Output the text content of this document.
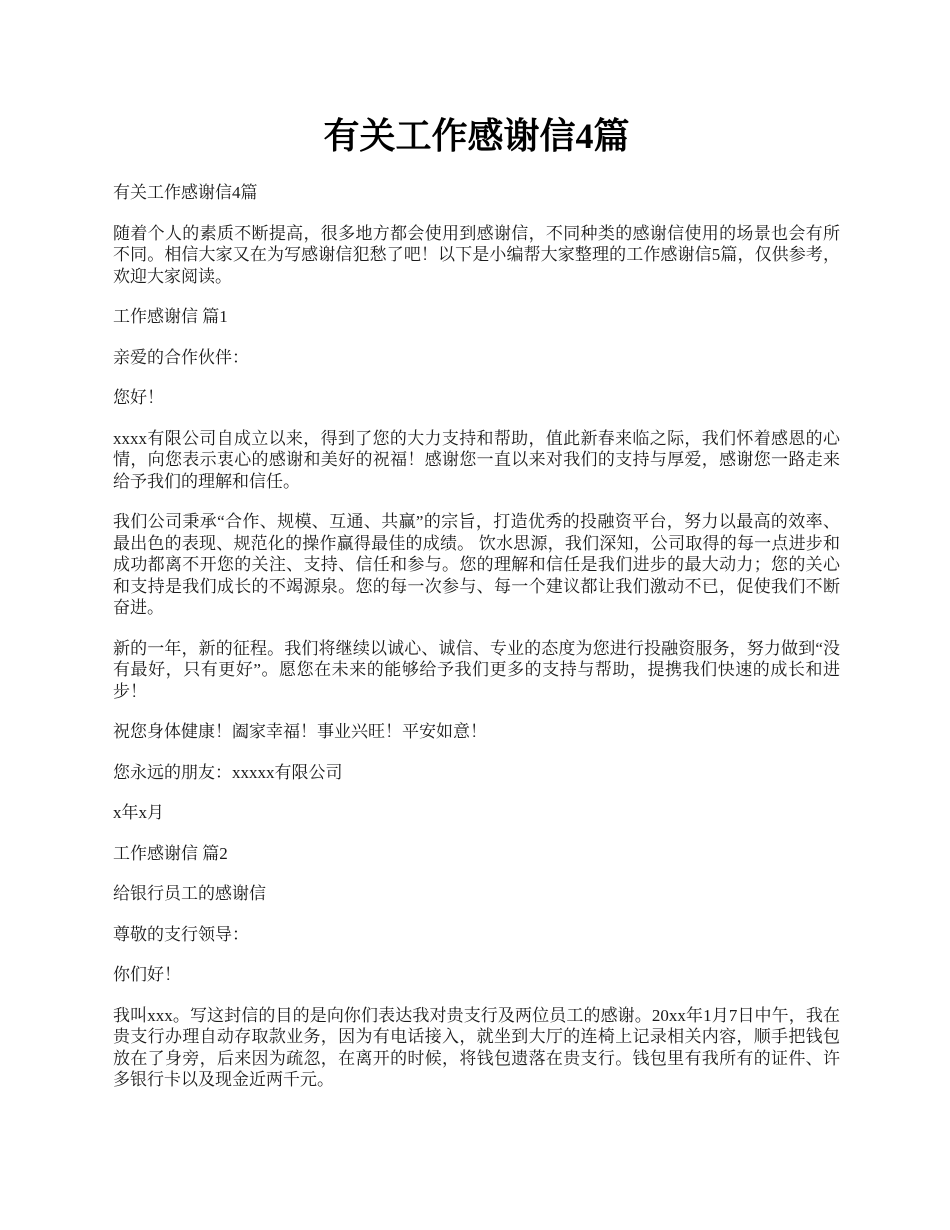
有关工作感谢信4篇

有关工作感谢信4篇

随着个人的素质不断提高，很多地方都会使用到感谢信，不同种类的感谢信使用的场景也会有所不同。相信大家又在为写感谢信犯愁了吧！以下是小编帮大家整理的工作感谢信5篇，仅供参考，欢迎大家阅读。

工作感谢信 篇1

亲爱的合作伙伴：

您好！

xxxx有限公司自成立以来，得到了您的大力支持和帮助，值此新春来临之际，我们怀着感恩的心情，向您表示衷心的感谢和美好的祝福！感谢您一直以来对我们的支持与厚爱，感谢您一路走来给予我们的理解和信任。

我们公司秉承“合作、规模、互通、共赢”的宗旨，打造优秀的投融资平台，努力以最高的效率、最出色的表现、规范化的操作赢得最佳的成绩。 饮水思源，我们深知，公司取得的每一点进步和成功都离不开您的关注、支持、信任和参与。您的理解和信任是我们进步的最大动力；您的关心和支持是我们成长的不竭源泉。您的每一次参与、每一个建议都让我们激动不已，促使我们不断奋进。

新的一年，新的征程。我们将继续以诚心、诚信、专业的态度为您进行投融资服务，努力做到“没有最好，只有更好”。愿您在未来的能够给予我们更多的支持与帮助，提携我们快速的成长和进步！

祝您身体健康！阖家幸福！事业兴旺！平安如意！

您永远的朋友：xxxxx有限公司

x年x月

工作感谢信 篇2

给银行员工的感谢信

尊敬的支行领导：

你们好！

我叫xxx。写这封信的目的是向你们表达我对贵支行及两位员工的感谢。20xx年1月7日中午，我在贵支行办理自动存取款业务，因为有电话接入，就坐到大厅的连椅上记录相关内容，顺手把钱包放在了身旁，后来因为疏忽，在离开的时候，将钱包遗落在贵支行。钱包里有我所有的证件、许多银行卡以及现金近两千元。
